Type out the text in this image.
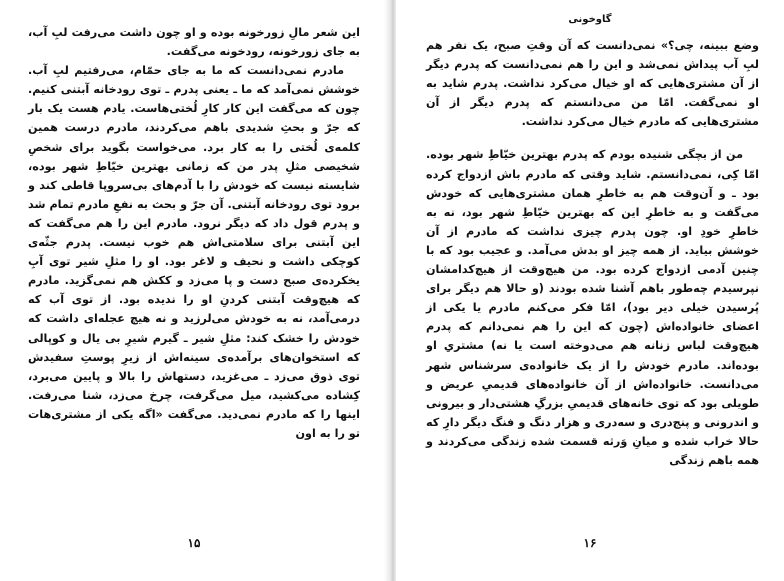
این شعر مالِ زورخونه بوده و او چون داشت می‌رفت لبِ آب، به جای زورخونه، رودخونه می‌گفت.

مادرم نمی‌دانست که ما به جای حمّام، می‌رفتیم لبِ آب. خوشش نمی‌آمد که ما ـ یعنی پدرم ـ توی رودخانه آبتنی کنیم. چون که می‌گفت این کار کارِ لُختی‌هاست. یادم هست یک بار که جرّ و بحثِ شدیدی باهم می‌کردند، مادرم درست همین کلمه‌ی لُختی را به کار برد. می‌خواست بگوید برای شخصِ شخیصی مثلِ پدر من که زمانی بهترین خیّاطِ شهر بوده، شایسته نیست که خودش را با آدم‌های بی‌سروپا قاطی کند و برود توی رودخانه آبتنی. آن جرّ و بحث به نفعِ مادرم تمام شد و پدرم قول داد که دیگر نرود. مادرم این را هم می‌گفت که این آبتنی برای سلامتی‌اش هم خوب نیست. پدرم جثّه‌ی کوچکی داشت و نحیف و لاغر بود. او را مثلِ شیر توی آبِ یخکرده‌ی صبح دست و پا می‌زد و ککش هم نمی‌گزید. مادرم که هیچ‌وقت آبتنی کردنِ او را ندیده بود. از توی آب که درمی‌آمد، نه به خودش می‌لرزید و نه هیچ عجله‌ای داشت که خودش را خشک کند: مثلِ شیر ـ گیرم شیرِ بی یال و کوپالی که استخوان‌های برآمده‌ی سینه‌اش از زیرِ پوستِ سفیدش توی ذوق می‌زد ـ می‌غزید، دستهاش را بالا و پایین می‌برد، کِشاده می‌کشید، میل می‌گرفت، چرخ می‌زد، شنا می‌رفت. اینها را که مادرم نمی‌دید. می‌گفت «اگه یکی از مشتری‌هات تو را به اون

۱۵
گاوخونی

وضع ببینه، چی؟» نمی‌دانست که آن وقتِ صبح، یک نفر هم لبِ آب پیداش نمی‌شد و این را هم نمی‌دانست که پدرم دیگر از آن مشتری‌هایی که او خیال می‌کرد نداشت. پدرم شاید به او نمی‌گفت. امّا من می‌دانستم که پدرم دیگر از آن مشتری‌هایی که مادرم خیال می‌کرد نداشت.

من از بچگی شنیده بودم که پدرم بهترین خیّاطِ شهر بوده. امّا کِی، نمی‌دانستم. شاید وقتی که مادرم باش ازدواج کرده بود ـ و آن‌وقت هم به خاطرِ همان مشتری‌هایی که خودش می‌گفت و به خاطرِ این که بهترین خیّاطِ شهر بود، نه به خاطرِ خودِ او. چون پدرم چیزی نداشت که مادرم از آن خوشش بیاید. از همه چیز او بدش می‌آمد. و عجیب بود که با چنین آدمی ازدواج کرده بود. من هیچ‌وقت از هیچ‌کدامشان نپرسیدم چه‌طور باهم آشنا شده بودند (و حالا هم دیگر برای پُرسیدن خیلی دیر بود)، امّا فکر می‌کنم مادرم یا یکی از اعضای خانواده‌اش (چون که این را هم نمی‌دانم که پدرم هیچ‌وقت لباس زنانه هم می‌دوخته است یا نه) مشتریِ او بوده‌اند. مادرم خودش را از یک خانواده‌ی سرشناس شهر می‌دانست. خانواده‌اش از آن خانواده‌های قدیمیِ عریض و طویلی بود که توی خانه‌های قدیمیِ بزرگِ هشتی‌دار و بیرونی و اندرونی و پنج‌دری و سه‌دری و هزار دنگ و فنگ دیگر دارِ که حالا خراب شده و میانِ وَرثه قسمت شده زندگی می‌کردند و همه باهم زندگی

۱۶
